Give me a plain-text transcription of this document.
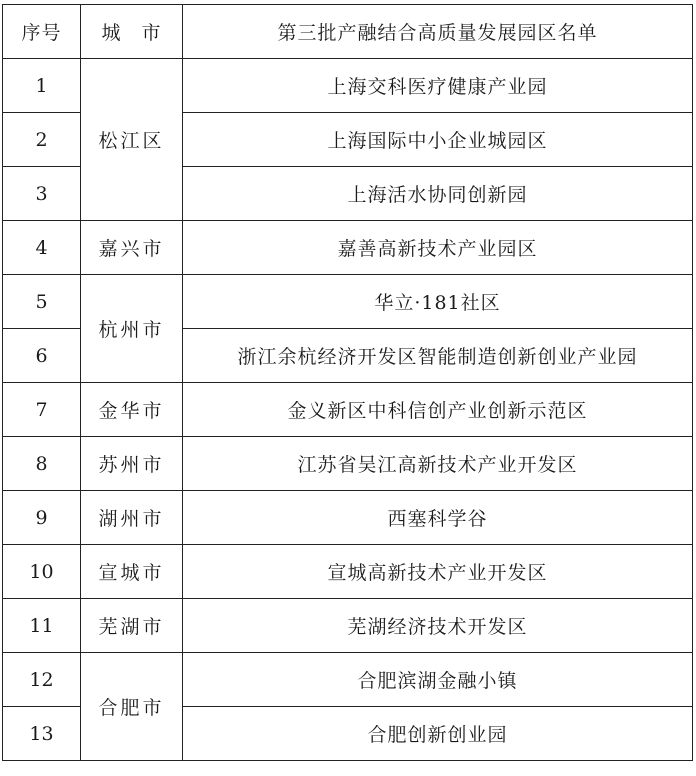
序号	城　市	第三批产融结合高质量发展园区名单
1	松江区	上海交科医疗健康产业园
2		上海国际中小企业城园区
3		上海活水协同创新园
4	嘉兴市	嘉善高新技术产业园区
5	杭州市	华立·181社区
6		浙江余杭经济开发区智能制造创新创业产业园
7	金华市	金义新区中科信创产业创新示范区
8	苏州市	江苏省吴江高新技术产业开发区
9	湖州市	西塞科学谷
10	宣城市	宣城高新技术产业开发区
11	芜湖市	芜湖经济技术开发区
12	合肥市	合肥滨湖金融小镇
13		合肥创新创业园
